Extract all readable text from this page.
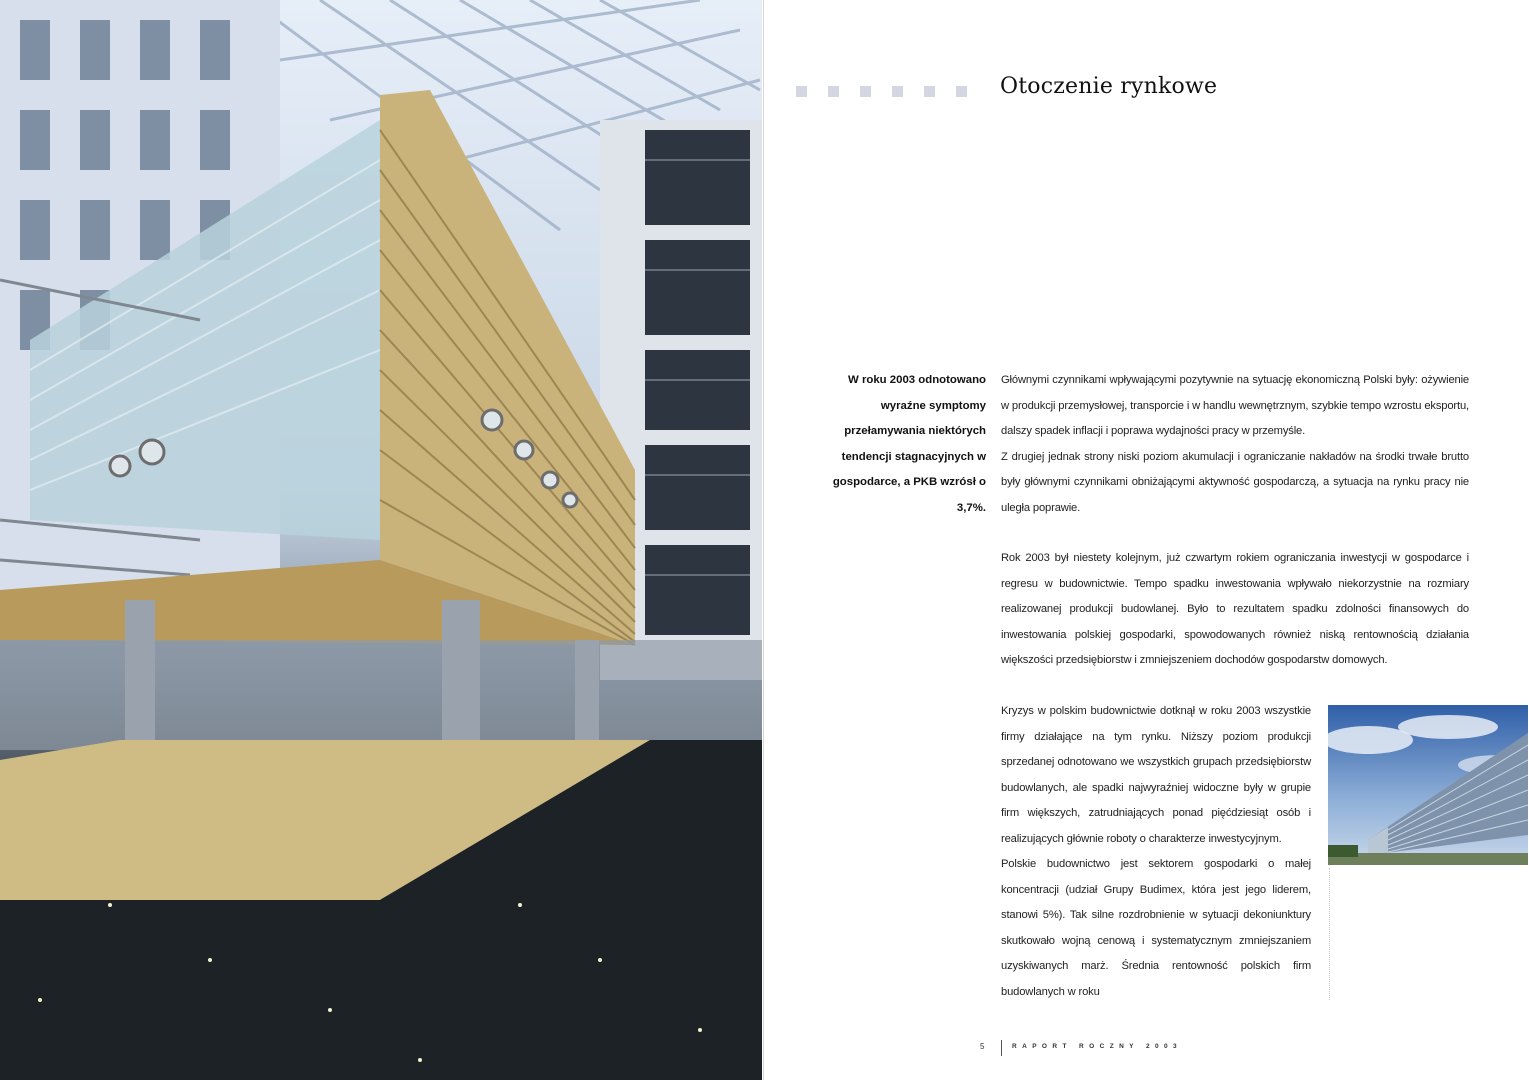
Otoczenie rynkowe
W roku 2003 odnotowano wyraźne symptomy przełamywania niektórych tendencji stagnacyjnych w gospodarce, a PKB wzrósł o 3,7%.

Głównymi czynnikami wpływającymi pozytywnie na sytuację ekonomiczną Polski były: ożywienie w produkcji przemysłowej, transporcie i w handlu wewnętrznym, szybkie tempo wzrostu eksportu, dalszy spadek inflacji i poprawa wydajności pracy w przemyśle.

Z drugiej jednak strony niski poziom akumulacji i ograniczanie nakładów na środki trwałe brutto były głównymi czynnikami obniżającymi aktywność gospodarczą, a sytuacja na rynku pracy nie uległa poprawie.

Rok 2003 był niestety kolejnym, już czwartym rokiem ograniczania inwestycji w gospodarce i regresu w budownictwie. Tempo spadku inwestowania wpływało niekorzystnie na rozmiary realizowanej produkcji budowlanej. Było to rezultatem spadku zdolności finansowych do inwestowania polskiej gospodarki, spowodowanych również niską rentownością działania większości przedsiębiorstw i zmniejszeniem dochodów gospodarstw domowych.

Kryzys w polskim budownictwie dotknął w roku 2003 wszystkie firmy działające na tym rynku. Niższy poziom produkcji sprzedanej odnotowano we wszystkich grupach przedsiębiorstw budowlanych, ale spadki najwyraźniej widoczne były w grupie firm większych, zatrudniających ponad pięćdziesiąt osób i realizujących głównie roboty o charakterze inwestycyjnym.

Polskie budownictwo jest sektorem gospodarki o małej koncentracji (udział Grupy Budimex, która jest jego liderem, stanowi 5%). Tak silne rozdrobnienie w sytuacji dekoniunktury skutkowało wojną cenową i systematycznym zmniejszaniem uzyskiwanych marż. Średnia rentowność polskich firm budowlanych w roku

5	RAPORT ROCZNY 2003
